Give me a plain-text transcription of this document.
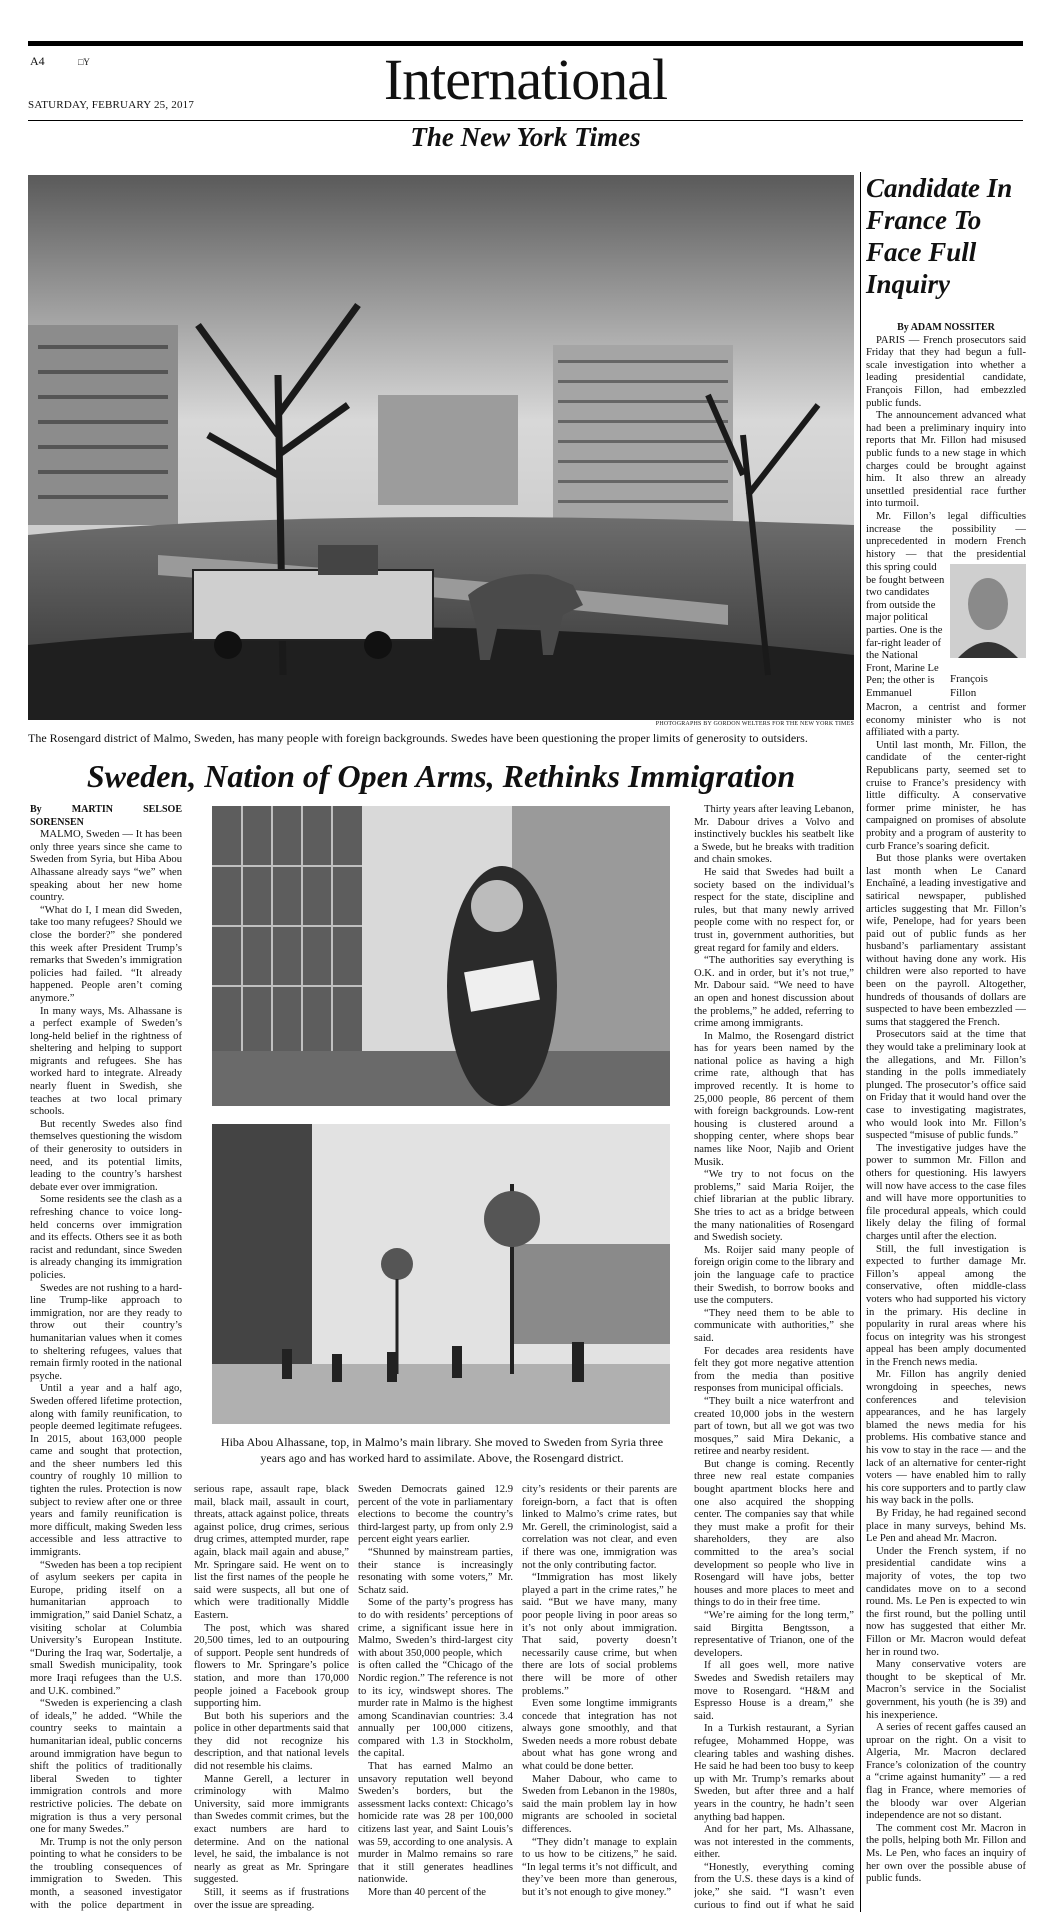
A4	□Y
SATURDAY, FEBRUARY 25, 2017	International
The New York Times
PHOTOGRAPHS BY GORDON WELTERS FOR THE NEW YORK TIMES
The Rosengard district of Malmo, Sweden, has many people with foreign backgrounds. Swedes have been questioning the proper limits of generosity to outsiders.
Sweden, Nation of Open Arms, Rethinks Immigration
By MARTIN SELSOE SORENSEN

MALMO, Sweden — It has been only three years since she came to Sweden from Syria, but Hiba Abou Alhassane already says “we” when speaking about her new home country.

“What do I, I mean did Sweden, take too many refugees? Should we close the border?” she pondered this week after President Trump’s remarks that Sweden’s immigration policies had failed. “It already happened. People aren’t coming anymore.”

In many ways, Ms. Alhassane is a perfect example of Sweden’s long-held belief in the rightness of sheltering and helping to support migrants and refugees. She has worked hard to integrate. Already nearly fluent in Swedish, she teaches at two local primary schools.

But recently Swedes also find themselves questioning the wisdom of their generosity to outsiders in need, and its potential limits, leading to the country’s harshest debate ever over immigration.

Some residents see the clash as a refreshing chance to voice long-held concerns over immigration and its effects. Others see it as both racist and redundant, since Sweden is already changing its immigration policies.

Swedes are not rushing to a hard-line Trump-like approach to immigration, nor are they ready to throw out their country’s humanitarian values when it comes to sheltering refugees, values that remain firmly rooted in the national psyche.

Until a year and a half ago, Sweden offered lifetime protection, along with family reunification, to people deemed legitimate refugees. In 2015, about 163,000 people came and sought that protection, and the sheer numbers led this country of roughly 10 million to tighten the rules. Protection is now subject to review after one or three years and family reunification is more difficult, making Sweden less accessible and less attractive to immigrants.

“Sweden has been a top recipient of asylum seekers per capita in Europe, priding itself on a humanitarian approach to immigration,” said Daniel Schatz, a visiting scholar at Columbia University’s European Institute. “During the Iraq war, Sodertalje, a small Swedish municipality, took more Iraqi refugees than the U.S. and U.K. combined.”

“Sweden is experiencing a clash of ideals,” he added. “While the country seeks to maintain a humanitarian ideal, public concerns around immigration have begun to shift the politics of traditionally liberal Sweden to tighter immigration controls and more restrictive policies. The debate on migration is thus a very personal one for many Swedes.”

Mr. Trump is not the only person pointing to what he considers to be the troubling consequences of immigration to Sweden. This month, a seasoned investigator with the police department in

Hiba Abou Alhassane, top, in Malmo’s main library. She moved to Sweden from Syria three years ago and has worked hard to assimilate. Above, the Rosengard district.

serious rape, assault rape, black mail, black mail, assault in court, threats, attack against police, threats against police, drug crimes, serious drug crimes, attempted murder, rape again, black mail again and abuse,” Mr. Springare said. He went on to list the first names of the people he said were suspects, all but one of which were traditionally Middle Eastern.

The post, which was shared 20,500 times, led to an outpouring of support. People sent hundreds of flowers to Mr. Springare’s police station, and more than 170,000 people joined a Facebook group supporting him.

But both his superiors and the police in other departments said that they did not recognize his description, and that national levels did not resemble his claims.

Manne Gerell, a lecturer in criminology with Malmo University, said more immigrants than Swedes commit crimes, but the exact numbers are hard to determine. And on the national level, he said, the imbalance is not nearly as great as Mr. Springare suggested.

Still, it seems as if frustrations over the issue are spreading.

Sweden Democrats gained 12.9 percent of the vote in parliamentary elections to become the country’s third-largest party, up from only 2.9 percent eight years earlier.

“Shunned by mainstream parties, their stance is increasingly resonating with some voters,” Mr. Schatz said.

Some of the party’s progress has to do with residents’ perceptions of crime, a significant issue here in Malmo, Sweden’s third-largest city with about 350,000 people, which

is often called the “Chicago of the Nordic region.” The reference is not to its icy, windswept shores. The murder rate in Malmo is the highest among Scandinavian countries: 3.4 annually per 100,000 citizens, compared with 1.3 in Stockholm, the capital.

That has earned Malmo an unsavory reputation well beyond Sweden’s borders, but the assessment lacks context: Chicago’s homicide rate was 28 per 100,000 citizens last year, and Saint Louis’s was 59, according to one analysis. A murder in Malmo remains so rare that it still generates headlines nationwide.

More than 40 percent of the

city’s residents or their parents are foreign-born, a fact that is often linked to Malmo’s crime rates, but Mr. Gerell, the criminologist, said a correlation was not clear, and even if there was one, immigration was not the only contributing factor.

“Immigration has most likely played a part in the crime rates,” he said. “But we have many, many poor people living in poor areas so it’s not only about immigration. That said, poverty doesn’t necessarily cause crime, but when there are lots of social problems there will be more of other problems.”

Even some longtime immigrants concede that integration has not always gone smoothly, and that Sweden needs a more robust debate about what has gone wrong and what could be done better.

Maher Dabour, who came to Sweden from Lebanon in the 1980s, said the main problem lay in how migrants are schooled in societal differences.

“They didn’t manage to explain to us how to be citizens,” he said. “In legal terms it’s not difficult, and they’ve been more than generous, but it’s not enough to give money.”

Thirty years after leaving Lebanon, Mr. Dabour drives a Volvo and instinctively buckles his seatbelt like a Swede, but he breaks with tradition and chain smokes.

He said that Swedes had built a society based on the individual’s respect for the state, discipline and rules, but that many newly arrived people come with no respect for, or trust in, government authorities, but great regard for family and elders.

“The authorities say everything is O.K. and in order, but it’s not true,” Mr. Dabour said. “We need to have an open and honest discussion about the problems,” he added, referring to crime among immigrants.

In Malmo, the Rosengard district has for years been named by the national police as having a high crime rate, although that has improved recently. It is home to 25,000 people, 86 percent of them with foreign backgrounds. Low-rent housing is clustered around a shopping center, where shops bear names like Noor, Najib and Orient Musik.

“We try to not focus on the problems,” said Maria Roijer, the chief librarian at the public library. She tries to act as a bridge between the many nationalities of Rosengard and Swedish society.

Ms. Roijer said many people of foreign origin come to the library and join the language cafe to practice their Swedish, to borrow books and use the computers.

“They need them to be able to communicate with authorities,” she said.

For decades area residents have felt they got more negative attention from the media than positive responses from municipal officials.

“They built a nice waterfront and created 10,000 jobs in the western part of town, but all we got was two mosques,” said Mira Dekanic, a retiree and nearby resident.

But change is coming. Recently three new real estate companies bought apartment blocks here and one also acquired the shopping center. The companies say that while they must make a profit for their shareholders, they are also committed to the area’s social development so people who live in Rosengard will have jobs, better houses and more places to meet and things to do in their free time.

“We’re aiming for the long term,” said Birgitta Bengtsson, a representative of Trianon, one of the developers.

If all goes well, more native Swedes and Swedish retailers may move to Rosengard. “H&M and Espresso House is a dream,” she said.

In a Turkish restaurant, a Syrian refugee, Mohammed Hoppe, was clearing tables and washing dishes. He said he had been too busy to keep up with Mr. Trump’s remarks about Sweden, but after three and a half years in the country, he hadn’t seen anything bad happen.

And for her part, Ms. Alhassane, was not interested in the comments, either.

“Honestly, everything coming from the U.S. these days is a kind of joke,” she said. “I wasn’t even curious to find out if what he said

Candidate In France To Face Full Inquiry
By ADAM NOSSITER

PARIS — French prosecutors said Friday that they had begun a full-scale investigation into whether a leading presidential candidate, François Fillon, had embezzled public funds.

The announcement advanced what had been a preliminary inquiry into reports that Mr. Fillon had misused public funds to a new stage in which charges could be brought against him. It also threw an already unsettled presidential race further into turmoil.

Mr. Fillon’s legal difficulties increase the possibility — unprecedented in modern French history — that the presidential

this spring could be fought between two candidates from outside the major political parties. One is the far-right leader of the National Front, Marine Le Pen; the other is Emmanuel

François Fillon

Macron, a centrist and former economy minister who is not affiliated with a party.

Until last month, Mr. Fillon, the candidate of the center-right Republicans party, seemed set to cruise to France’s presidency with little difficulty. A conservative former prime minister, he has campaigned on promises of absolute probity and a program of austerity to curb France’s soaring deficit.

But those planks were overtaken last month when Le Canard Enchaîné, a leading investigative and satirical newspaper, published articles suggesting that Mr. Fillon’s wife, Penelope, had for years been paid out of public funds as her husband’s parliamentary assistant without having done any work. His children were also reported to have been on the payroll. Altogether, hundreds of thousands of dollars are suspected to have been embezzled — sums that staggered the French.

Prosecutors said at the time that they would take a preliminary look at the allegations, and Mr. Fillon’s standing in the polls immediately plunged. The prosecutor’s office said on Friday that it would hand over the case to investigating magistrates, who would look into Mr. Fillon’s suspected “misuse of public funds.”

The investigative judges have the power to summon Mr. Fillon and others for questioning. His lawyers will now have access to the case files and will have more opportunities to file procedural appeals, which could likely delay the filing of formal charges until after the election.

Still, the full investigation is expected to further damage Mr. Fillon’s appeal among the conservative, often middle-class voters who had supported his victory in the primary. His decline in popularity in rural areas where his focus on integrity was his strongest appeal has been amply documented in the French news media.

Mr. Fillon has angrily denied wrongdoing in speeches, news conferences and television appearances, and he has largely blamed the news media for his problems. His combative stance and his vow to stay in the race — and the lack of an alternative for center-right voters — have enabled him to rally his core supporters and to partly claw his way back in the polls.

By Friday, he had regained second place in many surveys, behind Ms. Le Pen and ahead Mr. Macron.

Under the French system, if no presidential candidate wins a majority of votes, the top two candidates move on to a second round. Ms. Le Pen is expected to win the first round, but the polling until now has suggested that either Mr. Fillon or Mr. Macron would defeat her in round two.

Many conservative voters are thought to be skeptical of Mr. Macron’s service in the Socialist government, his youth (he is 39) and his inexperience.

A series of recent gaffes caused an uproar on the right. On a visit to Algeria, Mr. Macron declared France’s colonization of the country a “crime against humanity” — a red flag in France, where memories of the bloody war over Algerian independence are not so distant.

The comment cost Mr. Macron in the polls, helping both Mr. Fillon and Ms. Le Pen, who faces an inquiry of her own over the possible abuse of public funds.
